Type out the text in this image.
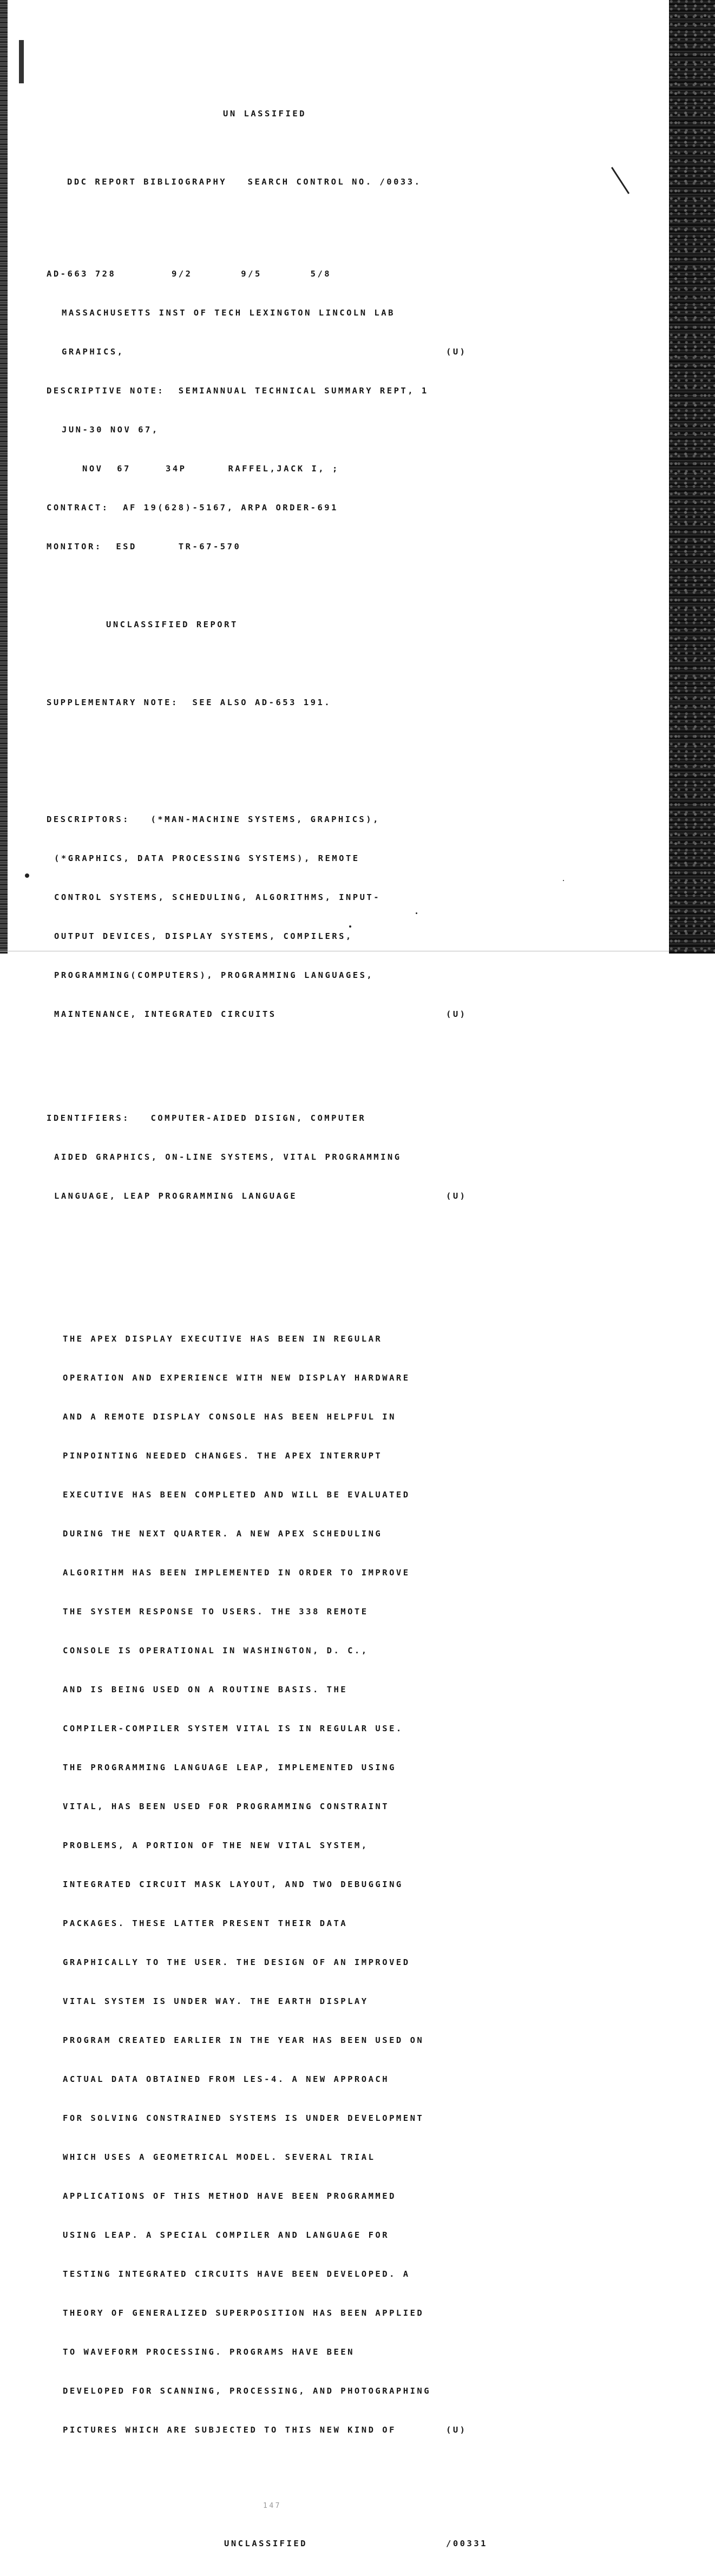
UN LASSIFIED

DDC REPORT BIBLIOGRAPHY   SEARCH CONTROL NO. /0033.

AD-663 728        9/2       9/5       5/8

MASSACHUSETTS INST OF TECH LEXINGTON LINCOLN LAB

GRAPHICS,	(U)

DESCRIPTIVE NOTE:  SEMIANNUAL TECHNICAL SUMMARY REPT, 1

JUN-30 NOV 67,

NOV  67     34P      RAFFEL,JACK I, ;

CONTRACT:  AF 19(628)-5167, ARPA ORDER-691

MONITOR:  ESD      TR-67-570

UNCLASSIFIED REPORT

SUPPLEMENTARY NOTE:  SEE ALSO AD-653 191.

DESCRIPTORS:   (*MAN-MACHINE SYSTEMS, GRAPHICS),

(*GRAPHICS, DATA PROCESSING SYSTEMS), REMOTE

CONTROL SYSTEMS, SCHEDULING, ALGORITHMS, INPUT-

OUTPUT DEVICES, DISPLAY SYSTEMS, COMPILERS,

PROGRAMMING(COMPUTERS), PROGRAMMING LANGUAGES,

MAINTENANCE, INTEGRATED CIRCUITS	(U)

IDENTIFIERS:   COMPUTER-AIDED DISIGN, COMPUTER

AIDED GRAPHICS, ON-LINE SYSTEMS, VITAL PROGRAMMING

LANGUAGE, LEAP PROGRAMMING LANGUAGE	(U)

THE APEX DISPLAY EXECUTIVE HAS BEEN IN REGULAR

OPERATION AND EXPERIENCE WITH NEW DISPLAY HARDWARE

AND A REMOTE DISPLAY CONSOLE HAS BEEN HELPFUL IN

PINPOINTING NEEDED CHANGES. THE APEX INTERRUPT

EXECUTIVE HAS BEEN COMPLETED AND WILL BE EVALUATED

DURING THE NEXT QUARTER. A NEW APEX SCHEDULING

ALGORITHM HAS BEEN IMPLEMENTED IN ORDER TO IMPROVE

THE SYSTEM RESPONSE TO USERS. THE 338 REMOTE

CONSOLE IS OPERATIONAL IN WASHINGTON, D. C.,

AND IS BEING USED ON A ROUTINE BASIS. THE

COMPILER-COMPILER SYSTEM VITAL IS IN REGULAR USE.

THE PROGRAMMING LANGUAGE LEAP, IMPLEMENTED USING

VITAL, HAS BEEN USED FOR PROGRAMMING CONSTRAINT

PROBLEMS, A PORTION OF THE NEW VITAL SYSTEM,

INTEGRATED CIRCUIT MASK LAYOUT, AND TWO DEBUGGING

PACKAGES. THESE LATTER PRESENT THEIR DATA

GRAPHICALLY TO THE USER. THE DESIGN OF AN IMPROVED

VITAL SYSTEM IS UNDER WAY. THE EARTH DISPLAY

PROGRAM CREATED EARLIER IN THE YEAR HAS BEEN USED ON

ACTUAL DATA OBTAINED FROM LES-4. A NEW APPROACH

FOR SOLVING CONSTRAINED SYSTEMS IS UNDER DEVELOPMENT

WHICH USES A GEOMETRICAL MODEL. SEVERAL TRIAL

APPLICATIONS OF THIS METHOD HAVE BEEN PROGRAMMED

USING LEAP. A SPECIAL COMPILER AND LANGUAGE FOR

TESTING INTEGRATED CIRCUITS HAVE BEEN DEVELOPED. A

THEORY OF GENERALIZED SUPERPOSITION HAS BEEN APPLIED

TO WAVEFORM PROCESSING. PROGRAMS HAVE BEEN

DEVELOPED FOR SCANNING, PROCESSING, AND PHOTOGRAPHING

PICTURES WHICH ARE SUBJECTED TO THIS NEW KIND OF	(U)

147

UNCLASSIFIED	/00331
